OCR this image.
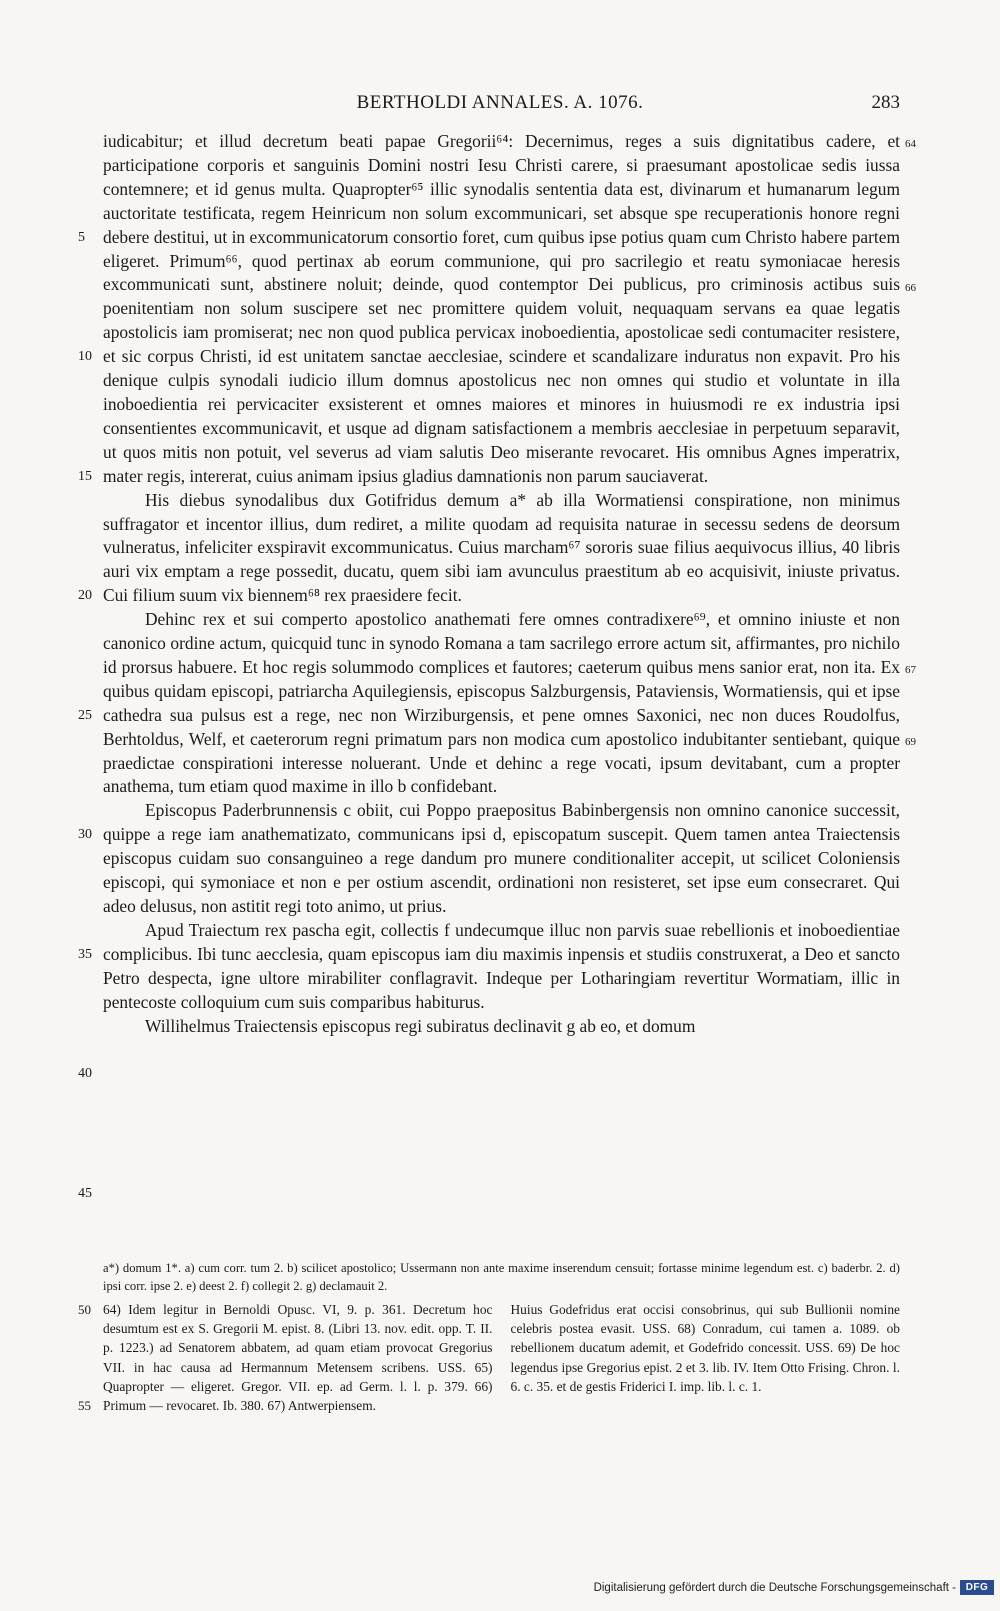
BERTHOLDI ANNALES. A. 1076.	283
5
10
15
20
25
30
35
40
45
64
66
67
69

iudicabitur; et illud decretum beati papae Gregorii⁶⁴: Decernimus, reges a suis dignitatibus cadere, et participatione corporis et sanguinis Domini nostri Iesu Christi carere, si praesumant apostolicae sedis iussa contemnere; et id genus multa. Quapropter⁶⁵ illic synodalis sententia data est, divinarum et humanarum legum auctoritate testificata, regem Heinricum non solum excommunicari, set absque spe recuperationis honore regni debere destitui, ut in excommunicatorum consortio foret, cum quibus ipse potius quam cum Christo habere partem eligeret. Primum⁶⁶, quod pertinax ab eorum communione, qui pro sacrilegio et reatu symoniacae heresis excommunicati sunt, abstinere noluit; deinde, quod contemptor Dei publicus, pro criminosis actibus suis poenitentiam non solum suscipere set nec promittere quidem voluit, nequaquam servans ea quae legatis apostolicis iam promiserat; nec non quod publica pervicax inoboedientia, apostolicae sedi contumaciter resistere, et sic corpus Christi, id est unitatem sanctae aecclesiae, scindere et scandalizare induratus non expavit. Pro his denique culpis synodali iudicio illum domnus apostolicus nec non omnes qui studio et voluntate in illa inoboedientia rei pervicaciter exsisterent et omnes maiores et minores in huiusmodi re ex industria ipsi consentientes excommunicavit, et usque ad dignam satisfactionem a membris aecclesiae in perpetuum separavit, ut quos mitis non potuit, vel severus ad viam salutis Deo miserante revocaret. His omnibus Agnes imperatrix, mater regis, intererat, cuius animam ipsius gladius damnationis non parum sauciaverat.

His diebus synodalibus dux Gotifridus demum a* ab illa Wormatiensi conspiratione, non minimus suffragator et incentor illius, dum rediret, a milite quodam ad requisita naturae in secessu sedens de deorsum vulneratus, infeliciter exspiravit excommunicatus. Cuius marcham⁶⁷ sororis suae filius aequivocus illius, 40 libris auri vix emptam a rege possedit, ducatu, quem sibi iam avunculus praestitum ab eo acquisivit, iniuste privatus. Cui filium suum vix biennem⁶⁸ rex praesidere fecit.

Dehinc rex et sui comperto apostolico anathemati fere omnes contradixere⁶⁹, et omnino iniuste et non canonico ordine actum, quicquid tunc in synodo Romana a tam sacrilego errore actum sit, affirmantes, pro nichilo id prorsus habuere. Et hoc regis solummodo complices et fautores; caeterum quibus mens sanior erat, non ita. Ex quibus quidam episcopi, patriarcha Aquilegiensis, episcopus Salzburgensis, Pataviensis, Wormatiensis, qui et ipse cathedra sua pulsus est a rege, nec non Wirziburgensis, et pene omnes Saxonici, nec non duces Roudolfus, Berhtoldus, Welf, et caeterorum regni primatum pars non modica cum apostolico indubitanter sentiebant, quique praedictae conspirationi interesse noluerant. Unde et dehinc a rege vocati, ipsum devitabant, cum a propter anathema, tum etiam quod maxime in illo b confidebant.

Episcopus Paderbrunnensis c obiit, cui Poppo praepositus Babinbergensis non omnino canonice successit, quippe a rege iam anathematizato, communicans ipsi d, episcopatum suscepit. Quem tamen antea Traiectensis episcopus cuidam suo consanguineo a rege dandum pro munere conditionaliter accepit, ut scilicet Coloniensis episcopi, qui symoniace et non e per ostium ascendit, ordinationi non resisteret, set ipse eum consecraret. Qui adeo delusus, non astitit regi toto animo, ut prius.

Apud Traiectum rex pascha egit, collectis f undecumque illuc non parvis suae rebellionis et inoboedientiae complicibus. Ibi tunc aecclesia, quam episcopus iam diu maximis inpensis et studiis construxerat, a Deo et sancto Petro despecta, igne ultore mirabiliter conflagravit. Indeque per Lotharingiam revertitur Wormatiam, illic in pentecoste colloquium cum suis comparibus habiturus.

Willihelmus Traiectensis episcopus regi subiratus declinavit g ab eo, et domum

a*) domum 1*. a) cum corr. tum 2. b) scilicet apostolico; Ussermann non ante maxime inserendum censuit; fortasse minime legendum est. c) baderbr. 2. d) ipsi corr. ipse 2. e) deest 2. f) collegit 2. g) declamauit 2.
50
55
64) Idem legitur in Bernoldi Opusc. VI, 9. p. 361. Decretum hoc desumtum est ex S. Gregorii M. epist. 8. (Libri 13. nov. edit. opp. T. II. p. 1223.) ad Senatorem abbatem, ad quam etiam provocat Gregorius VII. in hac causa ad Hermannum Metensem scribens. USS. 65) Quapropter — eligeret. Gregor. VII. ep. ad Germ. l. l. p. 379. 66) Primum — revocaret. Ib. 380. 67) Antwerpiensem.
Huius Godefridus erat occisi consobrinus, qui sub Bullionii nomine celebris postea evasit. USS. 68) Conradum, cui tamen a. 1089. ob rebellionem ducatum ademit, et Godefrido concessit. USS. 69) De hoc legendus ipse Gregorius epist. 2 et 3. lib. IV. Item Otto Frising. Chron. l. 6. c. 35. et de gestis Friderici I. imp. lib. l. c. 1.
Digitalisierung gefördert durch die Deutsche Forschungsgemeinschaft - DFG
